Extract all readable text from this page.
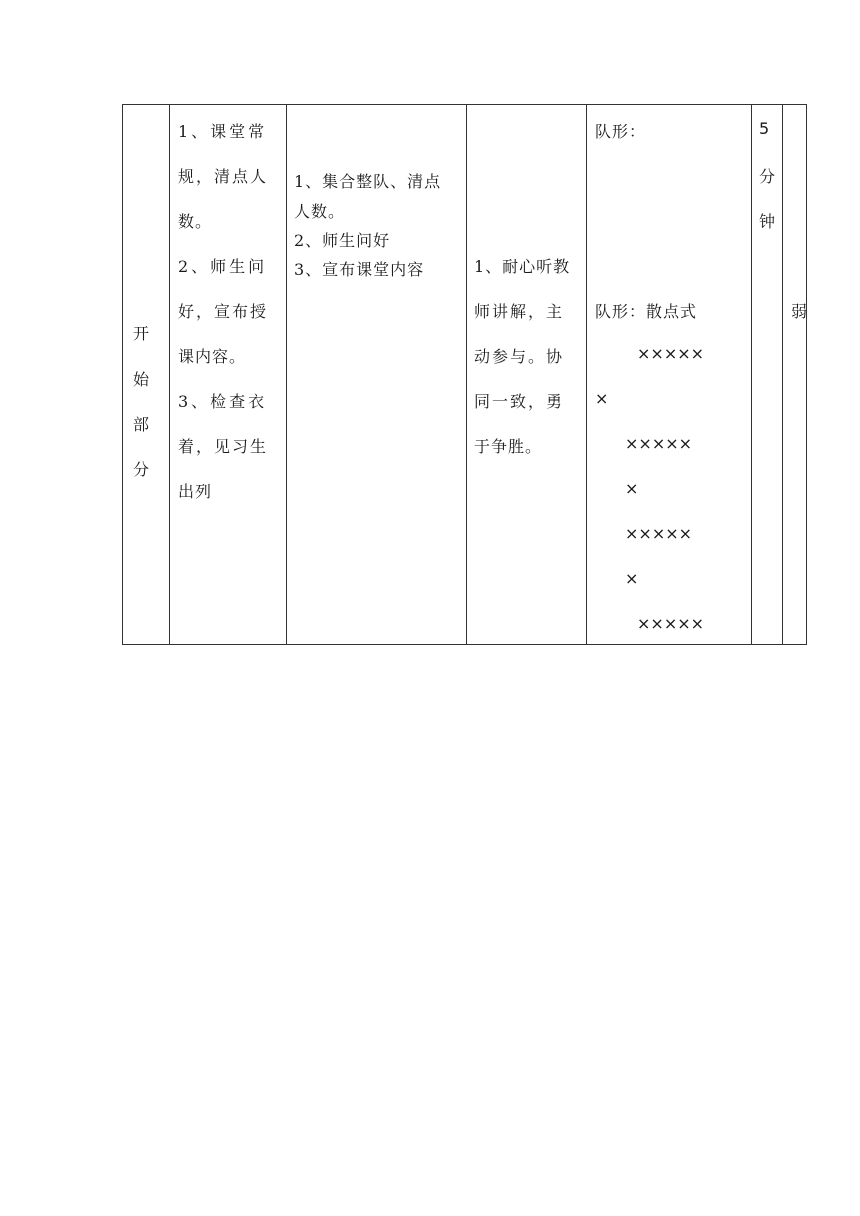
开
始
部
分
1、课堂常
规，清点人
数。
2、师生问
好，宣布授
课内容。
3、检查衣
着，见习生
出列
1、集合整队、清点
人数。
2、师生问好
3、宣布课堂内容	1、耐心听教
师讲解，主
动参与。协
同一致，勇
于争胜。
队形：
队形：散点式
×××××
×
×××××
×
×××××
×
×××××
5
分
钟
弱
